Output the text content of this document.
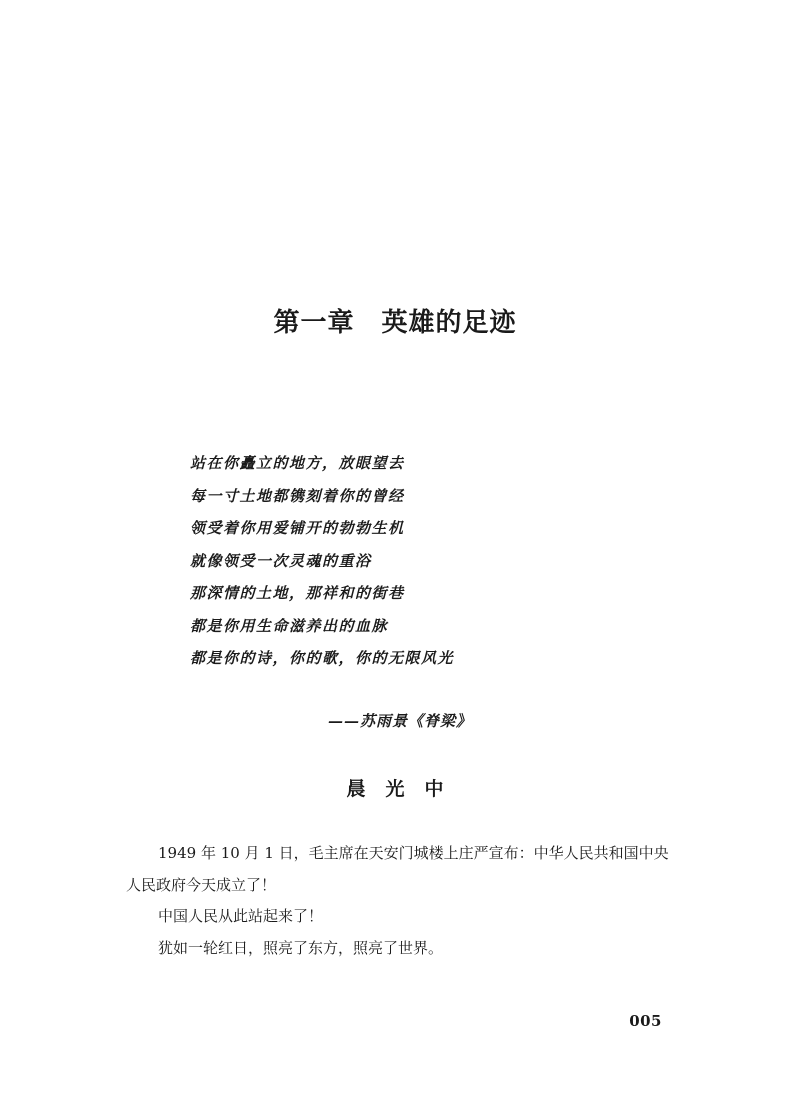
第一章　英雄的足迹
站在你矗立的地方，放眼望去
每一寸土地都镌刻着你的曾经
领受着你用爱铺开的勃勃生机
就像领受一次灵魂的重浴
那深情的土地，那祥和的街巷
都是你用生命滋养出的血脉
都是你的诗，你的歌，你的无限风光
——苏雨景《脊梁》
晨光中

1949 年 10 月 1 日，毛主席在天安门城楼上庄严宣布：中华人民共和国中央人民政府今天成立了！

中国人民从此站起来了！

犹如一轮红日，照亮了东方，照亮了世界。

005
